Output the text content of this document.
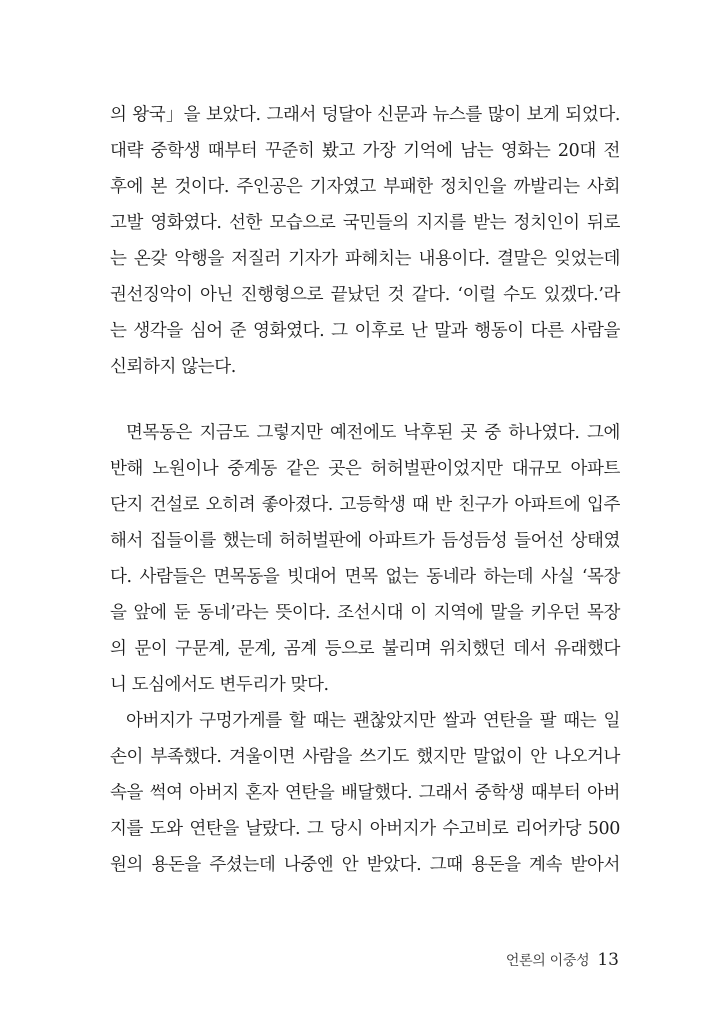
의 왕국」을 보았다. 그래서 덩달아 신문과 뉴스를 많이 보게 되었다.
대략 중학생 때부터 꾸준히 봤고 가장 기억에 남는 영화는 20대 전
후에 본 것이다. 주인공은 기자였고 부패한 정치인을 까발리는 사회
고발 영화였다. 선한 모습으로 국민들의 지지를 받는 정치인이 뒤로
는 온갖 악행을 저질러 기자가 파헤치는 내용이다. 결말은 잊었는데
권선징악이 아닌 진행형으로 끝났던 것 같다. ‘이럴 수도 있겠다.’라
는 생각을 심어 준 영화였다. 그 이후로 난 말과 행동이 다른 사람을
신뢰하지 않는다.
면목동은 지금도 그렇지만 예전에도 낙후된 곳 중 하나였다. 그에
반해 노원이나 중계동 같은 곳은 허허벌판이었지만 대규모 아파트
단지 건설로 오히려 좋아졌다. 고등학생 때 반 친구가 아파트에 입주
해서 집들이를 했는데 허허벌판에 아파트가 듬성듬성 들어선 상태였
다. 사람들은 면목동을 빗대어 면목 없는 동네라 하는데 사실 ‘목장
을 앞에 둔 동네’라는 뜻이다. 조선시대 이 지역에 말을 키우던 목장
의 문이 구문계, 문계, 곰계 등으로 불리며 위치했던 데서 유래했다
니 도심에서도 변두리가 맞다.
아버지가 구멍가게를 할 때는 괜찮았지만 쌀과 연탄을 팔 때는 일
손이 부족했다. 겨울이면 사람을 쓰기도 했지만 말없이 안 나오거나
속을 썩여 아버지 혼자 연탄을 배달했다. 그래서 중학생 때부터 아버
지를 도와 연탄을 날랐다. 그 당시 아버지가 수고비로 리어카당 500
원의 용돈을 주셨는데 나중엔 안 받았다. 그때 용돈을 계속 받아서
언론의 이중성 13
